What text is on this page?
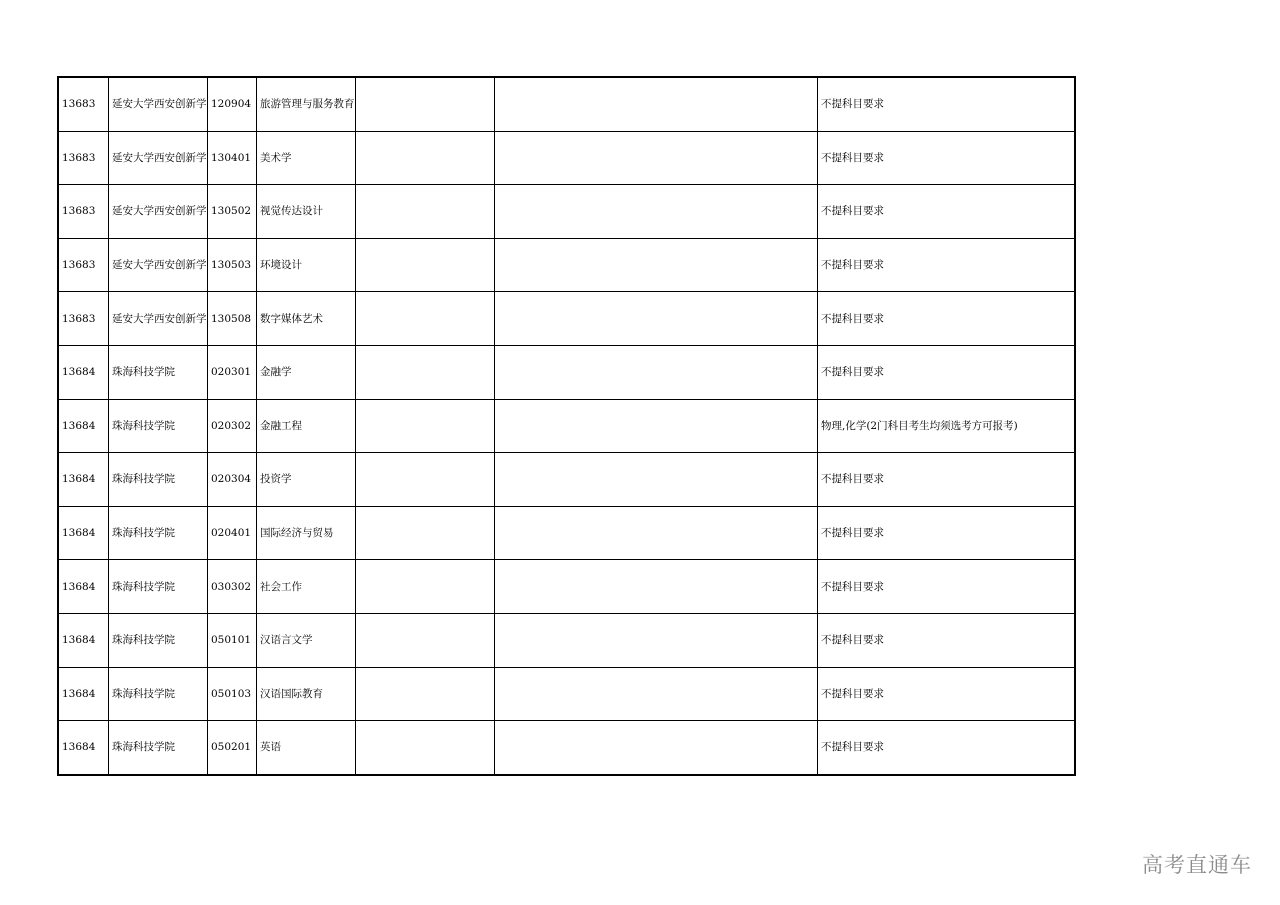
13683	延安大学西安创新学	120904	旅游管理与服务教育			不提科目要求
13683	延安大学西安创新学	130401	美术学			不提科目要求
13683	延安大学西安创新学	130502	视觉传达设计			不提科目要求
13683	延安大学西安创新学	130503	环境设计			不提科目要求
13683	延安大学西安创新学	130508	数字媒体艺术			不提科目要求
13684	珠海科技学院	020301	金融学			不提科目要求
13684	珠海科技学院	020302	金融工程			物理,化学(2门科目考生均须选考方可报考)
13684	珠海科技学院	020304	投资学			不提科目要求
13684	珠海科技学院	020401	国际经济与贸易			不提科目要求
13684	珠海科技学院	030302	社会工作			不提科目要求
13684	珠海科技学院	050101	汉语言文学			不提科目要求
13684	珠海科技学院	050103	汉语国际教育			不提科目要求
13684	珠海科技学院	050201	英语			不提科目要求
高考直通车
